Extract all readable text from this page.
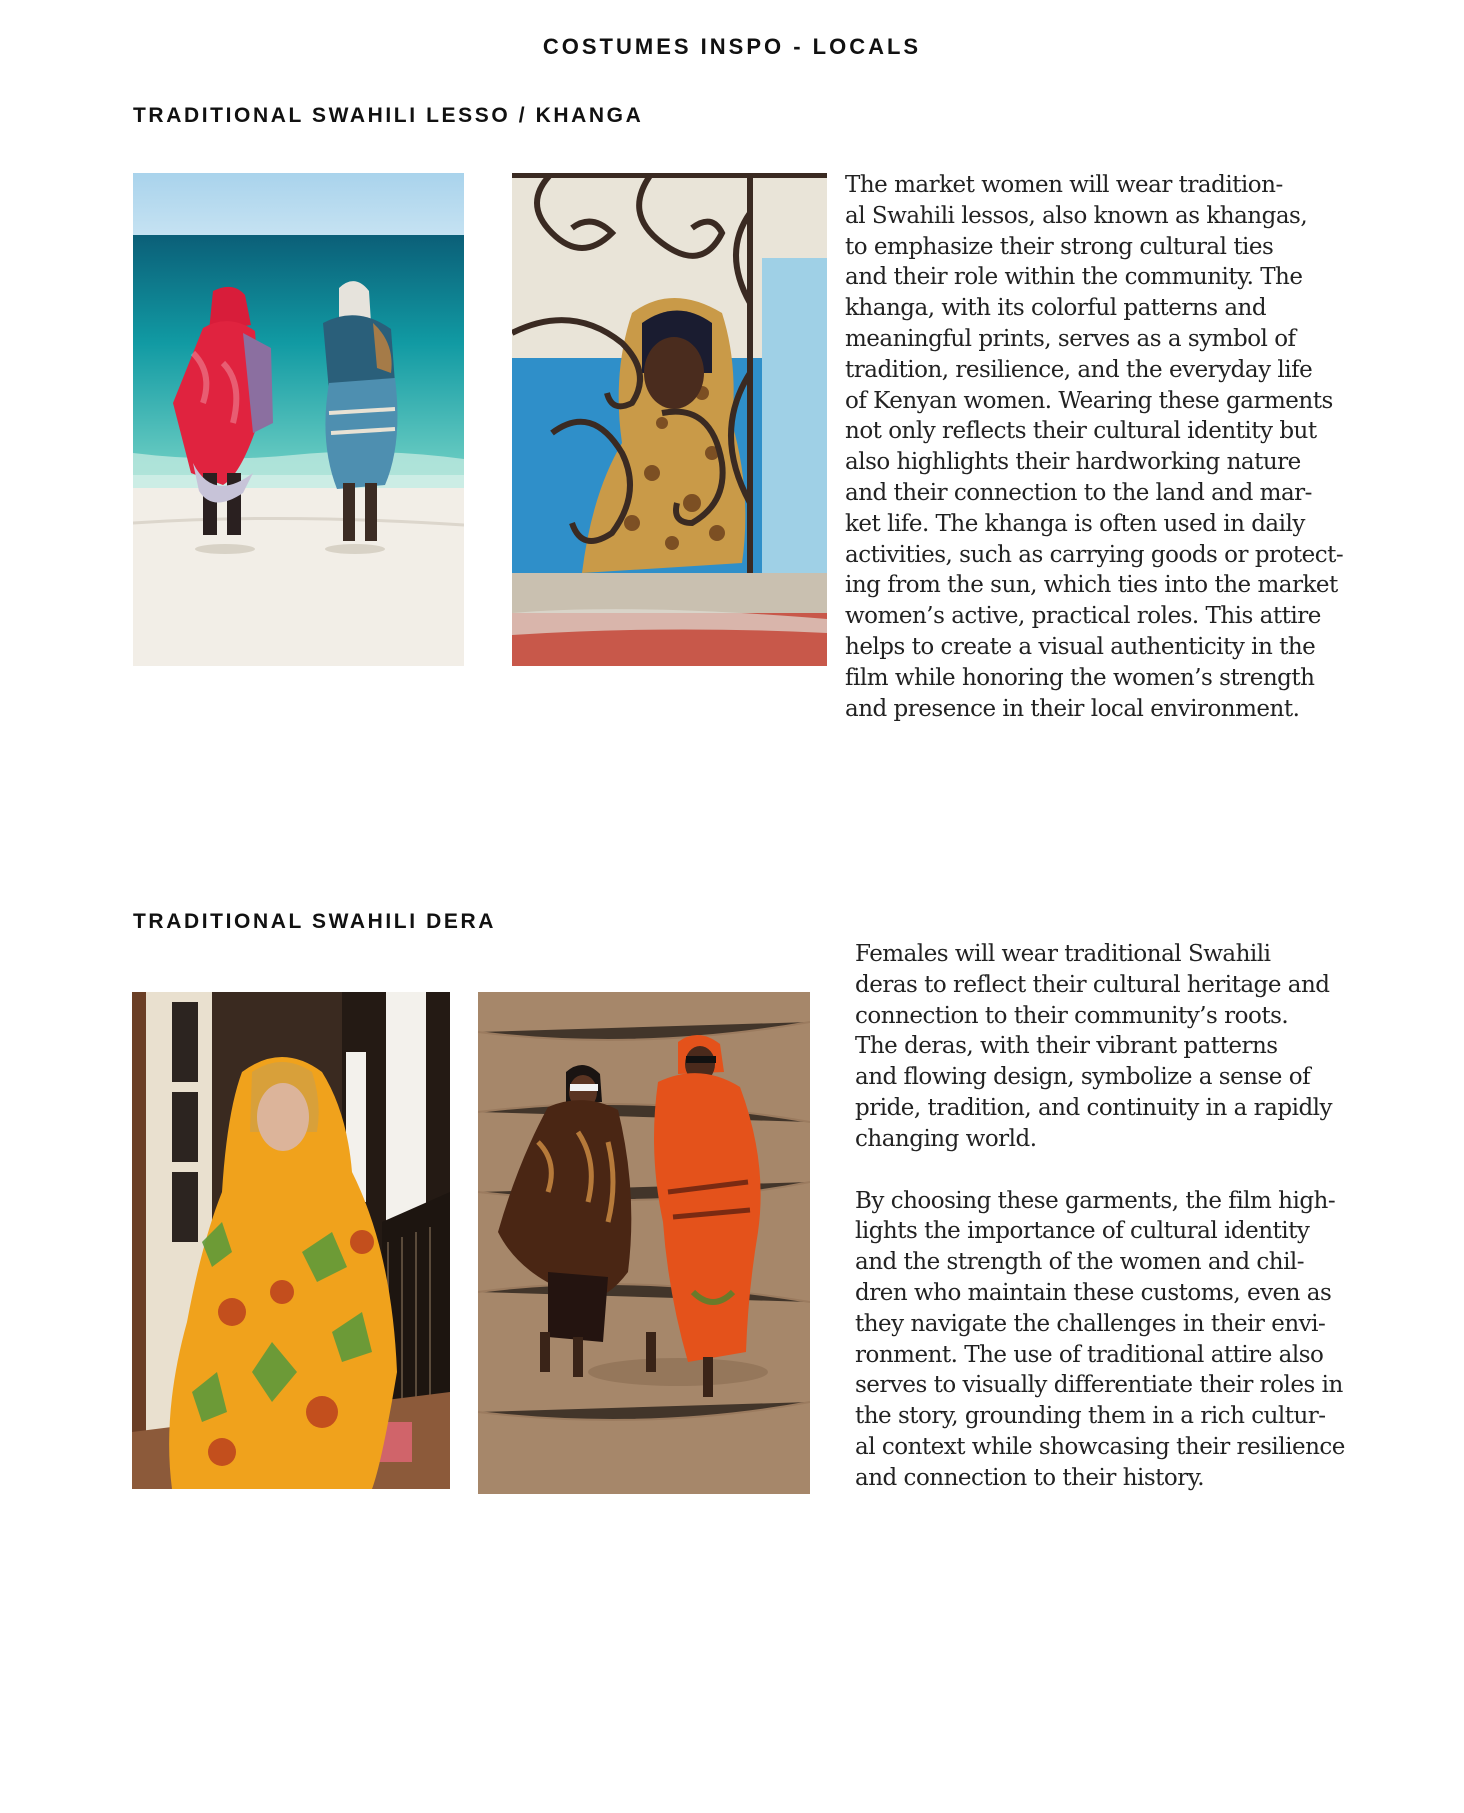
COSTUMES INSPO - LOCALS
TRADITIONAL SWAHILI LESSO / KHANGA

The market women will wear tradition-
al Swahili lessos, also known as khangas,
to emphasize their strong cultural ties
and their role within the community. The
khanga, with its colorful patterns and
meaningful prints, serves as a symbol of
tradition, resilience, and the everyday life
of Kenyan women. Wearing these garments
not only reflects their cultural identity but
also highlights their hardworking nature
and their connection to the land and mar-
ket life. The khanga is often used in daily
activities, such as carrying goods or protect-
ing from the sun, which ties into the market
women’s active, practical roles. This attire
helps to create a visual authenticity in the
film while honoring the women’s strength
and presence in their local environment.

TRADITIONAL SWAHILI DERA

Females will wear traditional Swahili
deras to reflect their cultural heritage and
connection to their community’s roots.
The deras, with their vibrant patterns
and flowing design, symbolize a sense of
pride, tradition, and continuity in a rapidly
changing world.

By choosing these garments, the film high-
lights the importance of cultural identity
and the strength of the women and chil-
dren who maintain these customs, even as
they navigate the challenges in their envi-
ronment. The use of traditional attire also
serves to visually differentiate their roles in
the story, grounding them in a rich cultur-
al context while showcasing their resilience
and connection to their history.
